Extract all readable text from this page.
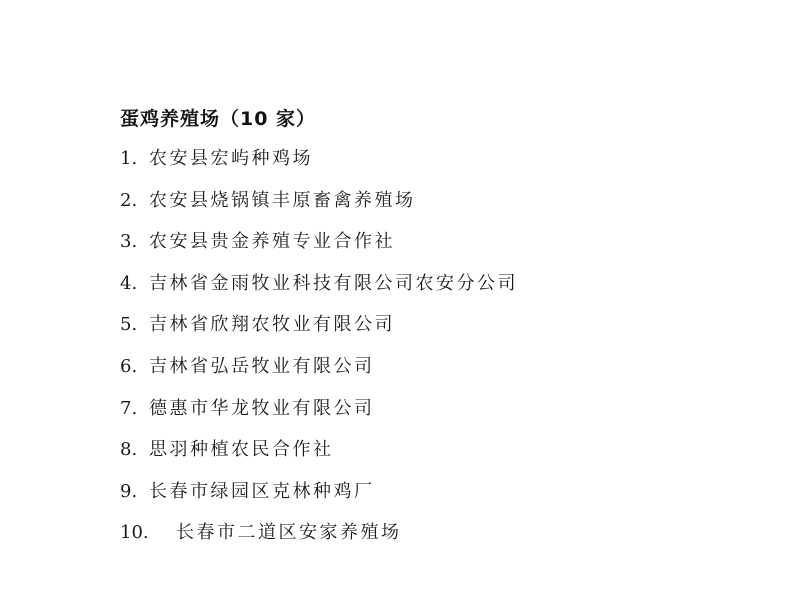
蛋鸡养殖场（10 家）
1. 农安县宏屿种鸡场
2. 农安县烧锅镇丰原畜禽养殖场
3. 农安县贵金养殖专业合作社
4. 吉林省金雨牧业科技有限公司农安分公司
5. 吉林省欣翔农牧业有限公司
6. 吉林省弘岳牧业有限公司
7. 德惠市华龙牧业有限公司
8. 思羽种植农民合作社
9. 长春市绿园区克林种鸡厂
10.	长春市二道区安家养殖场
